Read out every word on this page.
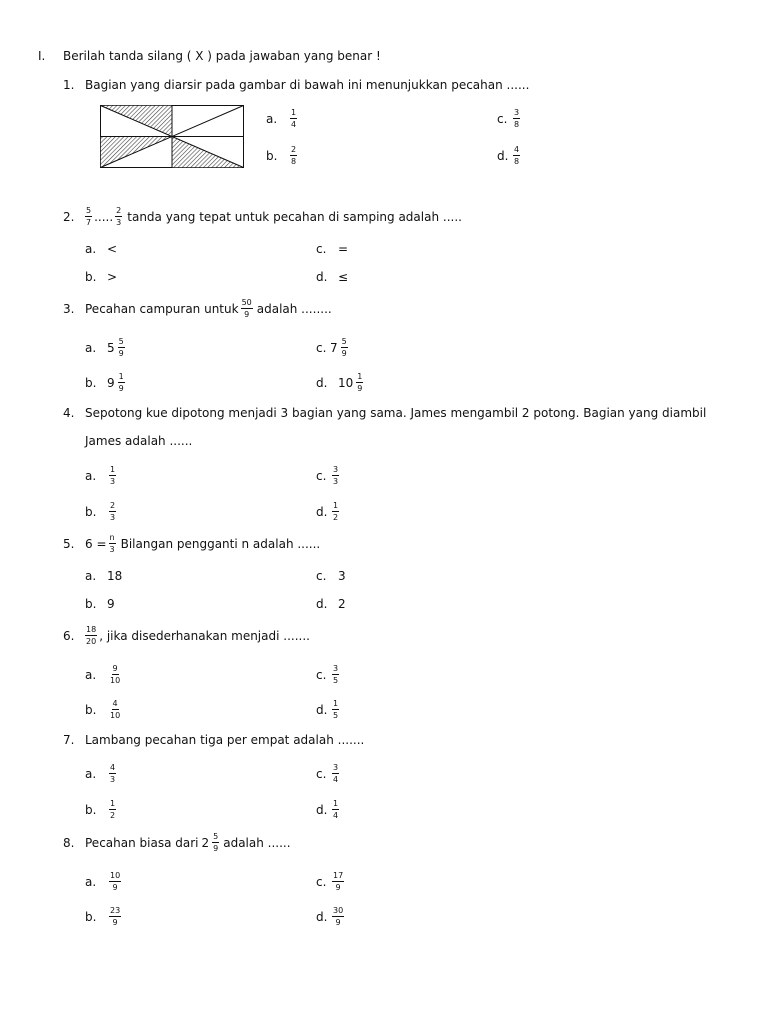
I. Berilah tanda silang ( X ) pada jawaban yang benar !
1. Bagian yang diarsir pada gambar di bawah ini menunjukkan pecahan ......
a.	$\frac{1}{4}$
b.	$\frac{2}{8}$
c. $\frac{3}{8}$
d. $\frac{4}{8}$
2. $\frac{5}{7}$ ..... $\frac{2}{3}$ tanda yang tepat untuk pecahan di samping adalah .....
a. <
b. >
c. =
d. ≤
3. Pecahan campuran untuk $\frac{50}{9}$ adalah ........
a. $5 \frac{5}{9}$
b. $9 \frac{1}{9}$
c. $7 \frac{5}{9}$
d. $10 \frac{1}{9}$
4. Sepotong kue dipotong menjadi 3 bagian yang sama. James mengambil 2 potong. Bagian yang diambil
James adalah ......
a.	$\frac{1}{3}$
b.	$\frac{2}{3}$
c. $\frac{3}{3}$
d. $\frac{1}{2}$
5. $6 = \frac{n}{3}$ Bilangan pengganti n adalah ......
a. 18
b. 9
c. 3
d. 2
6. $\frac{18}{20}$ , jika disederhanakan menjadi .......
a.	$\frac{9}{10}$
b.	$\frac{4}{10}$
c. $\frac{3}{5}$
d. $\frac{1}{5}$
7. Lambang pecahan tiga per empat adalah .......
a.	$\frac{4}{3}$
b.	$\frac{1}{2}$
c. $\frac{3}{4}$
d. $\frac{1}{4}$
8. Pecahan biasa dari $2 \frac{5}{9}$ adalah ......
a.	$\frac{10}{9}$
b.	$\frac{23}{9}$
c. $\frac{17}{9}$
d. $\frac{30}{9}$
